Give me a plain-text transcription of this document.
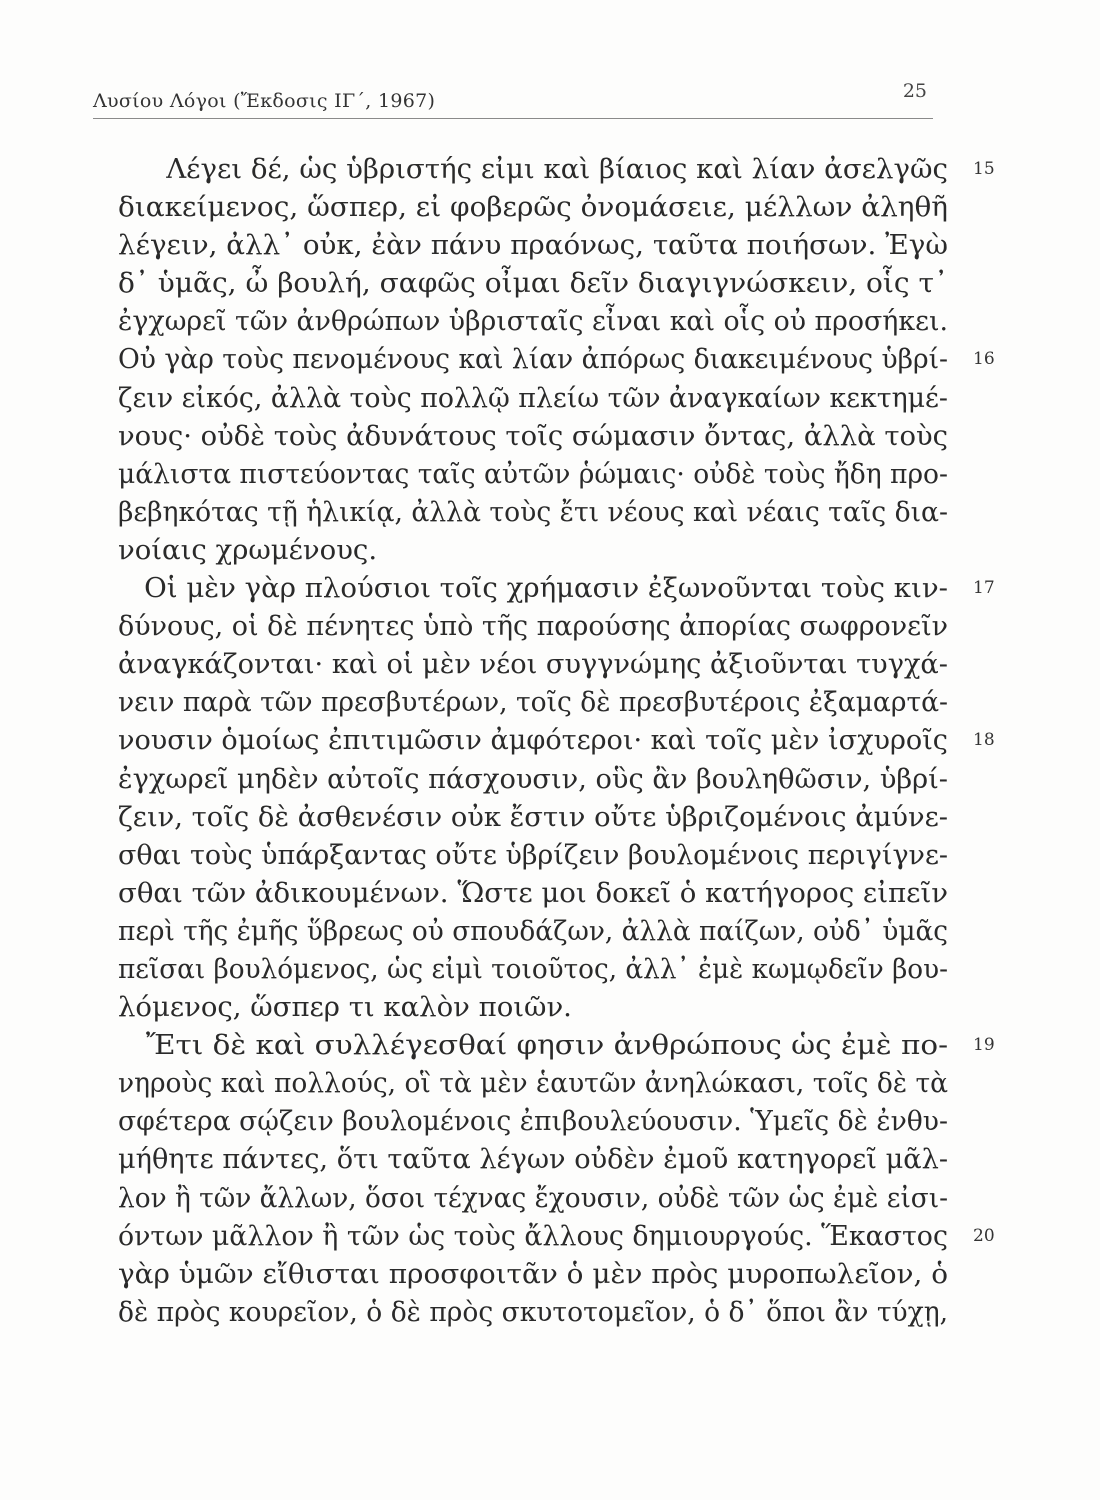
Λυσίου Λόγοι (Ἔκδοσις ΙΓ΄, 1967)	25
Λέγει δέ, ὡς ὑβριστής εἰμι καὶ βίαιος καὶ λίαν ἀσελγῶς 15
διακείμενος, ὥσπερ, εἰ φοβερῶς ὀνομάσειε, μέλλων ἀληθῆ
λέγειν, ἀλλ᾿ οὐκ, ἐὰν πάνυ πραόνως, ταῦτα ποιήσων. Ἐγὼ
δ᾿ ὑμᾶς, ὦ βουλή, σαφῶς οἶμαι δεῖν διαγιγνώσκειν, οἷς τ᾿
ἐγχωρεῖ τῶν ἀνθρώπων ὑβρισταῖς εἶναι καὶ οἷς οὐ προσήκει.
Οὐ γὰρ τοὺς πενομένους καὶ λίαν ἀπόρως διακειμένους ὑβρί- 16
ζειν εἰκός, ἀλλὰ τοὺς πολλῷ πλείω τῶν ἀναγκαίων κεκτημέ-
νους· οὐδὲ τοὺς ἀδυνάτους τοῖς σώμασιν ὄντας, ἀλλὰ τοὺς
μάλιστα πιστεύοντας ταῖς αὐτῶν ῥώμαις· οὐδὲ τοὺς ἤδη προ-
βεβηκότας τῇ ἡλικίᾳ, ἀλλὰ τοὺς ἔτι νέους καὶ νέαις ταῖς δια-
νοίαις χρωμένους.
Οἱ μὲν γὰρ πλούσιοι τοῖς χρήμασιν ἐξωνοῦνται τοὺς κιν- 17
δύνους, οἱ δὲ πένητες ὑπὸ τῆς παρούσης ἀπορίας σωφρονεῖν
ἀναγκάζονται· καὶ οἱ μὲν νέοι συγγνώμης ἀξιοῦνται τυγχά-
νειν παρὰ τῶν πρεσβυτέρων, τοῖς δὲ πρεσβυτέροις ἐξαμαρτά-
νουσιν ὁμοίως ἐπιτιμῶσιν ἀμφότεροι· καὶ τοῖς μὲν ἰσχυροῖς 18
ἐγχωρεῖ μηδὲν αὐτοῖς πάσχουσιν, οὓς ἂν βουληθῶσιν, ὑβρί-
ζειν, τοῖς δὲ ἀσθενέσιν οὐκ ἔστιν οὔτε ὑβριζομένοις ἀμύνε-
σθαι τοὺς ὑπάρξαντας οὔτε ὑβρίζειν βουλομένοις περιγίγνε-
σθαι τῶν ἀδικουμένων. Ὥστε μοι δοκεῖ ὁ κατήγορος εἰπεῖν
περὶ τῆς ἐμῆς ὕβρεως οὐ σπουδάζων, ἀλλὰ παίζων, οὐδ᾿ ὑμᾶς
πεῖσαι βουλόμενος, ὡς εἰμὶ τοιοῦτος, ἀλλ᾿ ἐμὲ κωμῳδεῖν βου-
λόμενος, ὥσπερ τι καλὸν ποιῶν.
Ἔτι δὲ καὶ συλλέγεσθαί φησιν ἀνθρώπους ὡς ἐμὲ πο- 19
νηροὺς καὶ πολλούς, οἳ τὰ μὲν ἑαυτῶν ἀνηλώκασι, τοῖς δὲ τὰ
σφέτερα σῴζειν βουλομένοις ἐπιβουλεύουσιν. Ὑμεῖς δὲ ἐνθυ-
μήθητε πάντες, ὅτι ταῦτα λέγων οὐδὲν ἐμοῦ κατηγορεῖ μᾶλ-
λον ἢ τῶν ἄλλων, ὅσοι τέχνας ἔχουσιν, οὐδὲ τῶν ὡς ἐμὲ εἰσι-
όντων μᾶλλον ἢ τῶν ὡς τοὺς ἄλλους δημιουργούς. Ἕκαστος 20
γὰρ ὑμῶν εἴθισται προσφοιτᾶν ὁ μὲν πρὸς μυροπωλεῖον, ὁ
δὲ πρὸς κουρεῖον, ὁ δὲ πρὸς σκυτοτομεῖον, ὁ δ᾿ ὅποι ἂν τύχῃ,
